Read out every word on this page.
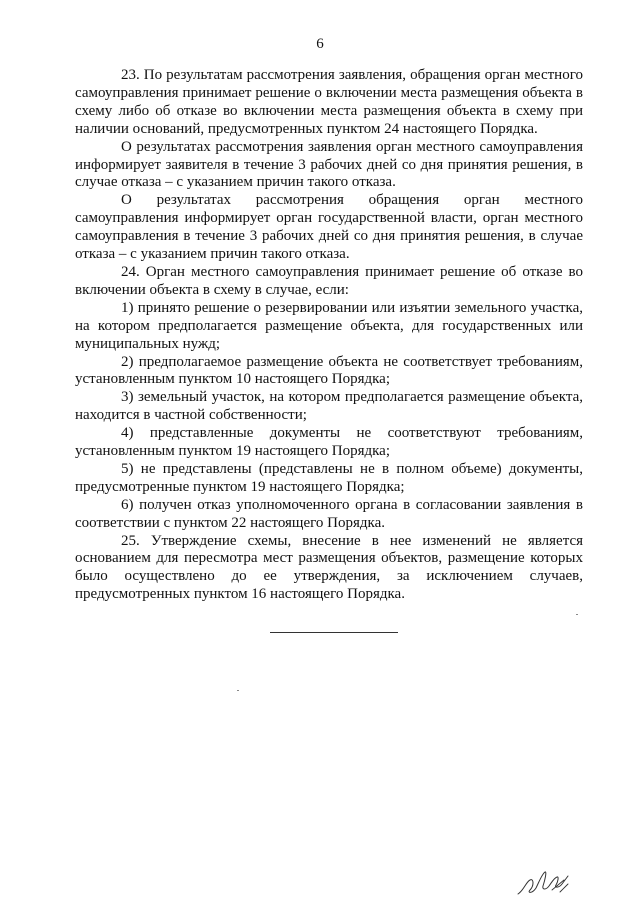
6

23. По результатам рассмотрения заявления, обращения орган местного самоуправления принимает решение о включении места размещения объекта в схему либо об отказе во включении места размещения объекта в схему при наличии оснований, предусмотренных пунктом 24 настоящего Порядка.

О результатах рассмотрения заявления орган местного самоуправления информирует заявителя в течение 3 рабочих дней со дня принятия решения, в случае отказа – с указанием причин такого отказа.

О результатах рассмотрения обращения орган местного самоуправления информирует орган государственной власти, орган местного самоуправления в течение 3 рабочих дней со дня принятия решения, в случае отказа – с указанием причин такого отказа.

24. Орган местного самоуправления принимает решение об отказе во включении объекта в схему в случае, если:

1) принято решение о резервировании или изъятии земельного участка, на котором предполагается размещение объекта, для государственных или муниципальных нужд;

2) предполагаемое размещение объекта не соответствует требованиям, установленным пунктом 10 настоящего Порядка;

3) земельный участок, на котором предполагается размещение объекта, находится в частной собственности;

4) представленные документы не соответствуют требованиям, установленным пунктом 19 настоящего Порядка;

5) не представлены (представлены не в полном объеме) документы, предусмотренные пунктом 19 настоящего Порядка;

6) получен отказ уполномоченного органа в согласовании заявления в соответствии с пунктом 22 настоящего Порядка.

25. Утверждение схемы, внесение в нее изменений не является основанием для пересмотра мест размещения объектов, размещение которых было осуществлено до ее утверждения, за исключением случаев, предусмотренных пунктом 16 настоящего Порядка.
